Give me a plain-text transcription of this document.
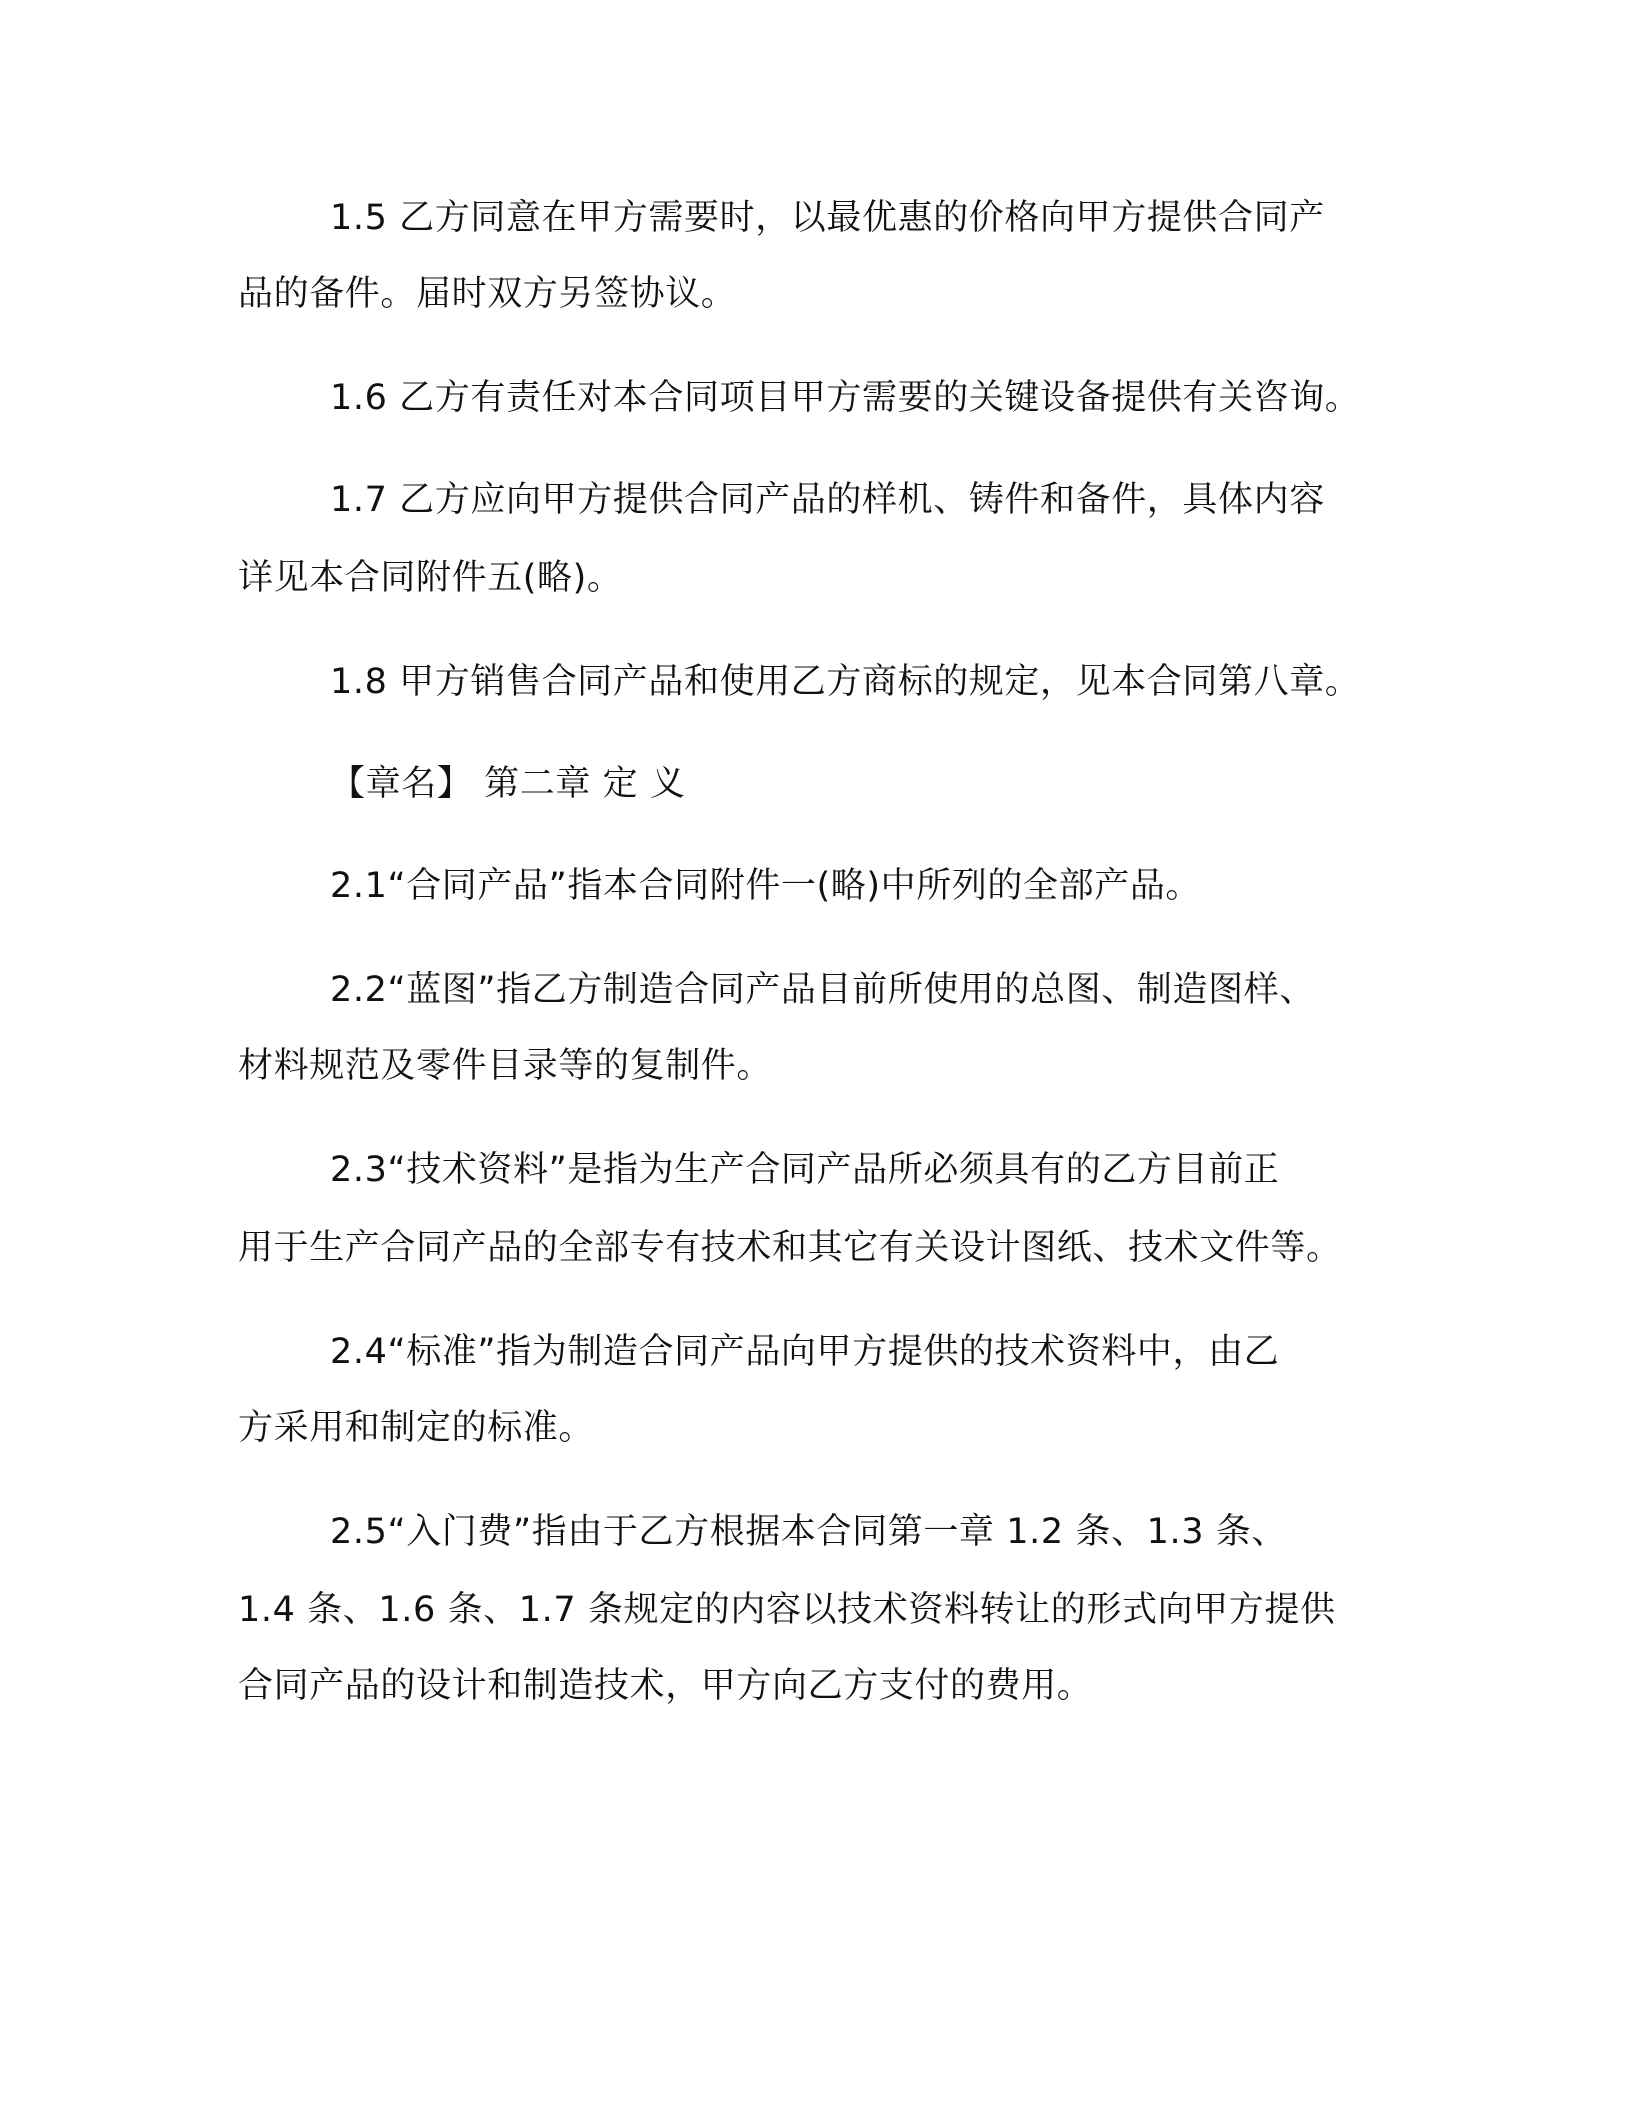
1.5 乙方同意在甲方需要时，以最优惠的价格向甲方提供合同产

品的备件。届时双方另签协议。

1.6 乙方有责任对本合同项目甲方需要的关键设备提供有关咨询。

1.7 乙方应向甲方提供合同产品的样机、铸件和备件，具体内容

详见本合同附件五(略)。

1.8 甲方销售合同产品和使用乙方商标的规定，见本合同第八章。

【章名】 第二章 定 义

2.1“合同产品”指本合同附件一(略)中所列的全部产品。

2.2“蓝图”指乙方制造合同产品目前所使用的总图、制造图样、

材料规范及零件目录等的复制件。

2.3“技术资料”是指为生产合同产品所必须具有的乙方目前正

用于生产合同产品的全部专有技术和其它有关设计图纸、技术文件等。

2.4“标准”指为制造合同产品向甲方提供的技术资料中，由乙

方采用和制定的标准。

2.5“入门费”指由于乙方根据本合同第一章 1.2 条、1.3 条、

1.4 条、1.6 条、1.7 条规定的内容以技术资料转让的形式向甲方提供

合同产品的设计和制造技术，甲方向乙方支付的费用。
